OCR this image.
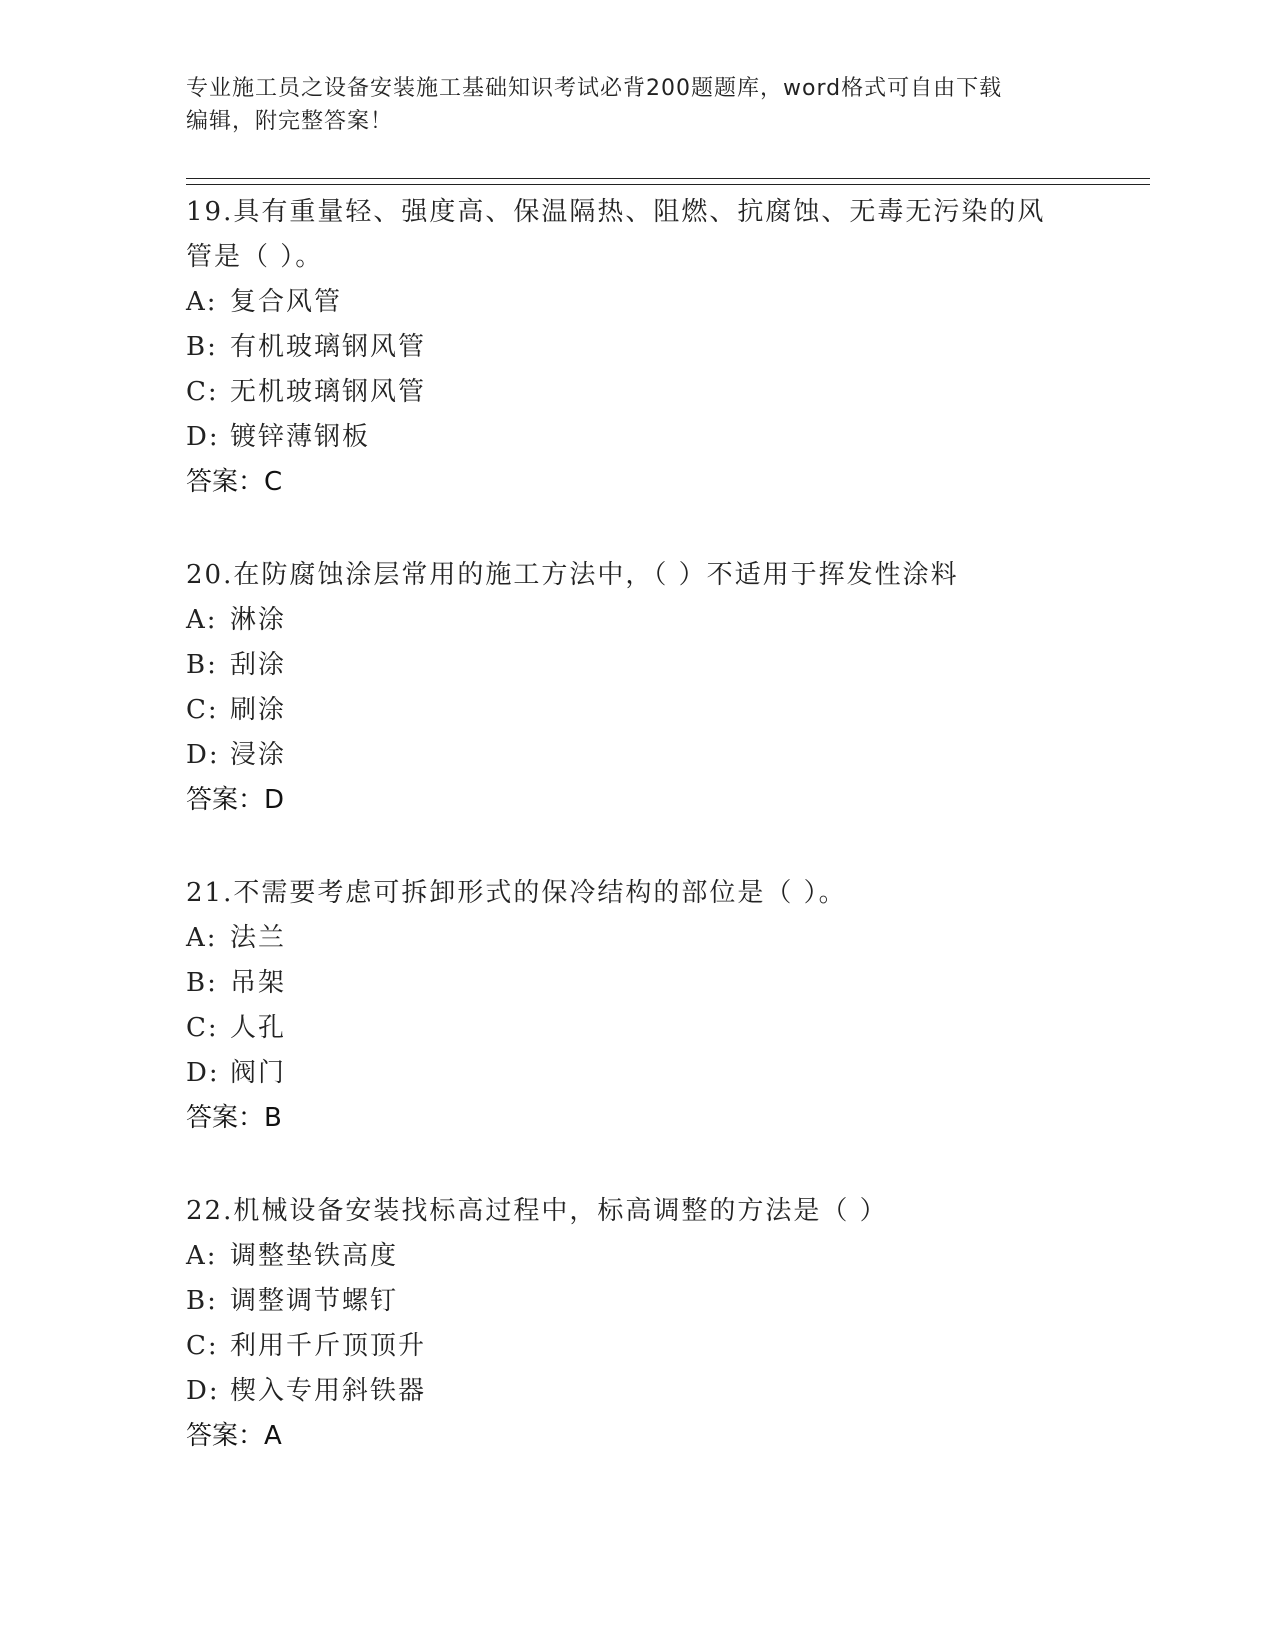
专业施工员之设备安装施工基础知识考试必背200题题库，word格式可自由下载
编辑，附完整答案！
19.具有重量轻、强度高、保温隔热、阻燃、抗腐蚀、无毒无污染的风
管是（ ）。
A: 复合风管
B: 有机玻璃钢风管
C: 无机玻璃钢风管
D: 镀锌薄钢板
答案：C
20.在防腐蚀涂层常用的施工方法中，（ ）不适用于挥发性涂料
A: 淋涂
B: 刮涂
C: 刷涂
D: 浸涂
答案：D
21.不需要考虑可拆卸形式的保冷结构的部位是（ ）。
A: 法兰
B: 吊架
C: 人孔
D: 阀门
答案：B
22.机械设备安装找标高过程中，标高调整的方法是（ ）
A: 调整垫铁高度
B: 调整调节螺钉
C: 利用千斤顶顶升
D: 楔入专用斜铁器
答案：A
